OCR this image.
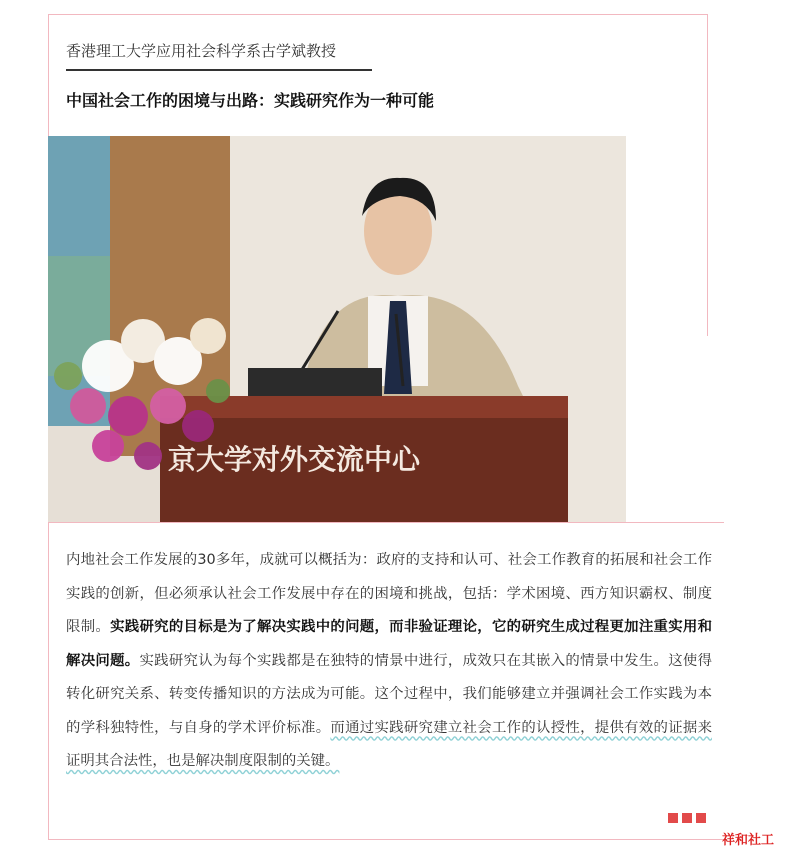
香港理工大学应用社会科学系古学斌教授
中国社会工作的困境与出路：实践研究作为一种可能
京大学对外交流中心
内地社会工作发展的30多年，成就可以概括为：政府的支持和认可、社会工作教育的拓展和社会工作实践的创新，但必须承认社会工作发展中存在的困境和挑战，包括：学术困境、西方知识霸权、制度限制。实践研究的目标是为了解决实践中的问题，而非验证理论，它的研究生成过程更加注重实用和解决问题。实践研究认为每个实践都是在独特的情景中进行，成效只在其嵌入的情景中发生。这使得转化研究关系、转变传播知识的方法成为可能。这个过程中，我们能够建立并强调社会工作实践为本的学科独特性，与自身的学术评价标准。而通过实践研究建立社会工作的认授性，提供有效的证据来证明其合法性，也是解决制度限制的关键。
祥和社工
